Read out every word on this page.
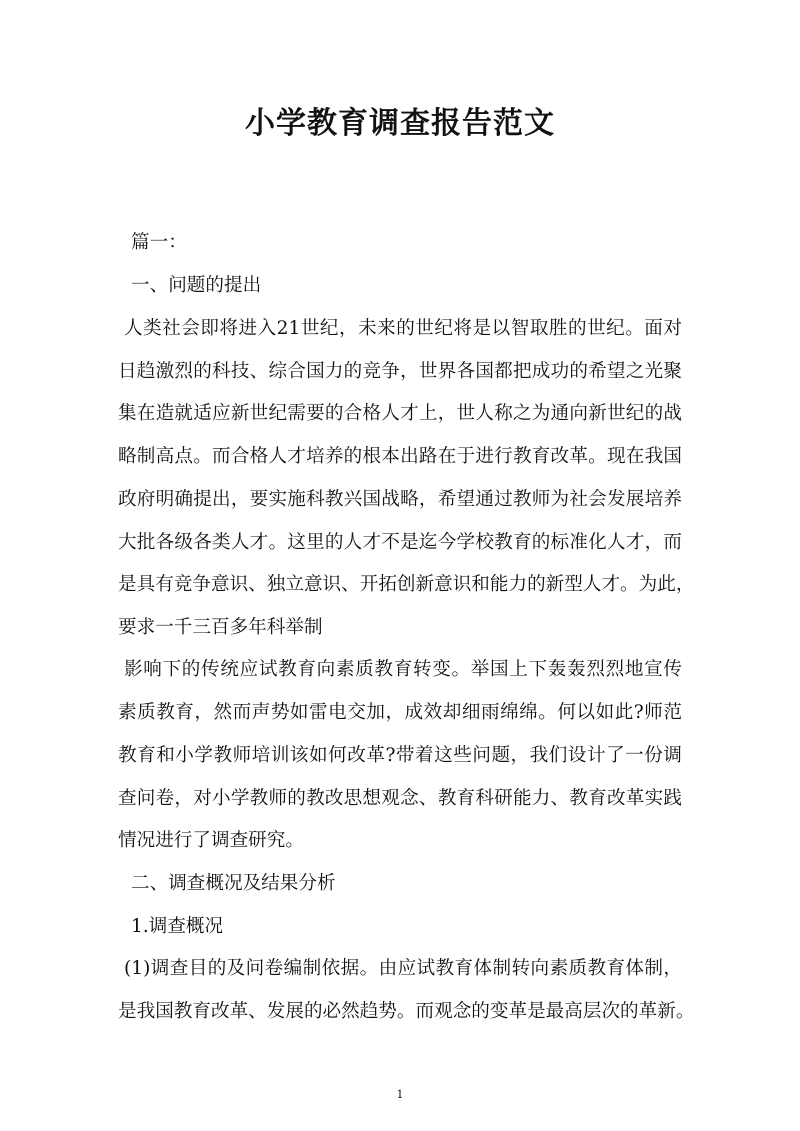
小学教育调查报告范文
篇一：
一、问题的提出
人类社会即将进入21世纪，未来的世纪将是以智取胜的世纪。面对
日趋激烈的科技、综合国力的竞争，世界各国都把成功的希望之光聚
集在造就适应新世纪需要的合格人才上，世人称之为通向新世纪的战
略制高点。而合格人才培养的根本出路在于进行教育改革。现在我国
政府明确提出，要实施科教兴国战略，希望通过教师为社会发展培养
大批各级各类人才。这里的人才不是迄今学校教育的标准化人才，而
是具有竞争意识、独立意识、开拓创新意识和能力的新型人才。为此，
要求一千三百多年科举制
影响下的传统应试教育向素质教育转变。举国上下轰轰烈烈地宣传
素质教育，然而声势如雷电交加，成效却细雨绵绵。何以如此?师范
教育和小学教师培训该如何改革?带着这些问题，我们设计了一份调
查问卷，对小学教师的教改思想观念、教育科研能力、教育改革实践
情况进行了调查研究。
二、调查概况及结果分析
1.调查概况
(1)调查目的及问卷编制依据。由应试教育体制转向素质教育体制，
是我国教育改革、发展的必然趋势。而观念的变革是最高层次的革新。
1
